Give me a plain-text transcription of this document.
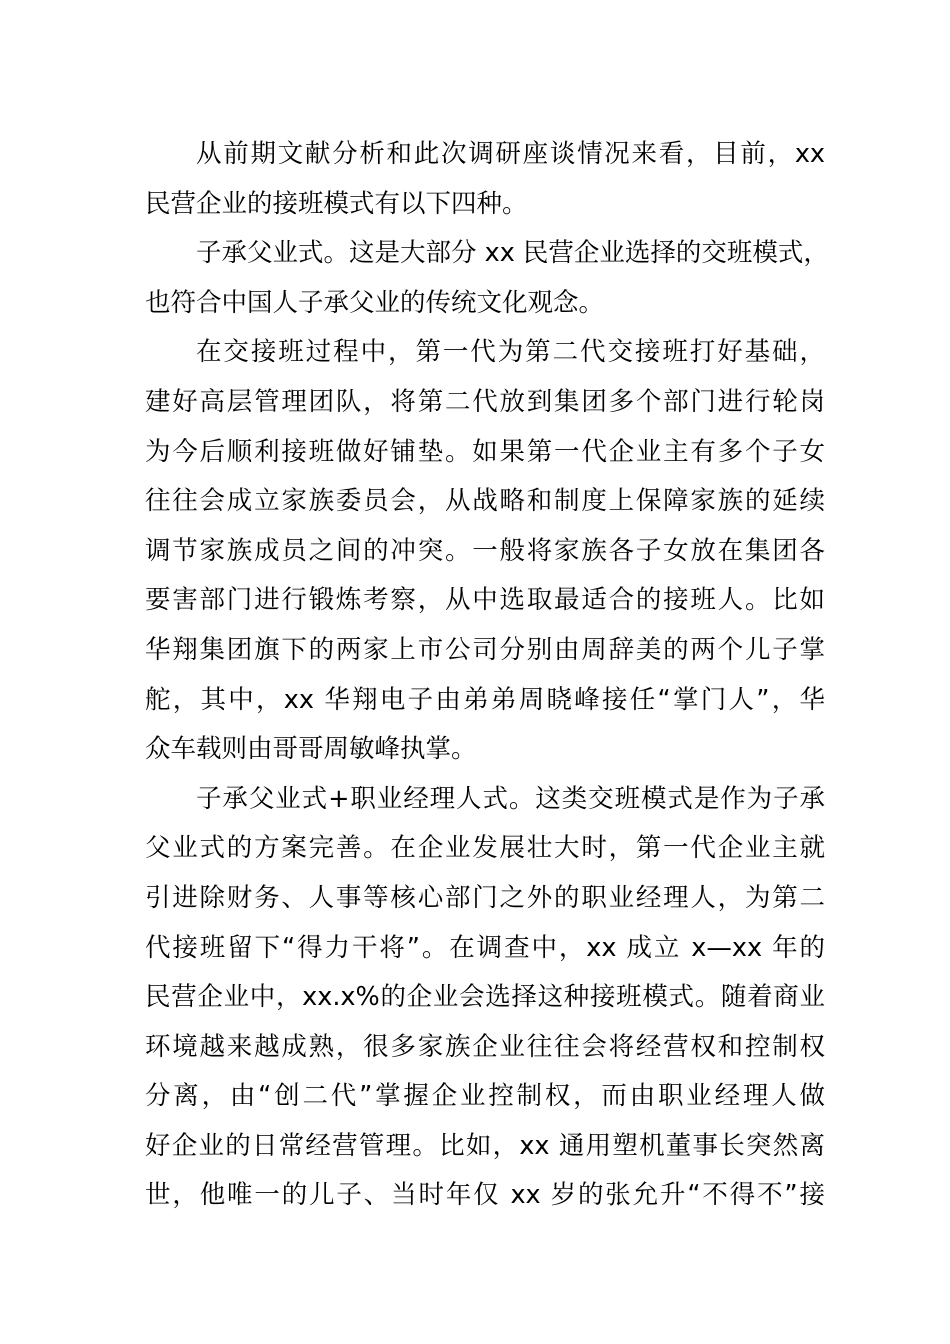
从前期文献分析和此次调研座谈情况来看，目前，xx
民营企业的接班模式有以下四种。
子承父业式。这是大部分 xx 民营企业选择的交班模式，
也符合中国人子承父业的传统文化观念。
在交接班过程中，第一代为第二代交接班打好基础，
建好高层管理团队，将第二代放到集团多个部门进行轮岗
为今后顺利接班做好铺垫。如果第一代企业主有多个子女
往往会成立家族委员会，从战略和制度上保障家族的延续
调节家族成员之间的冲突。一般将家族各子女放在集团各
要害部门进行锻炼考察，从中选取最适合的接班人。比如
华翔集团旗下的两家上市公司分别由周辞美的两个儿子掌
舵，其中，xx 华翔电子由弟弟周晓峰接任“掌门人”，华
众车载则由哥哥周敏峰执掌。
子承父业式+职业经理人式。这类交班模式是作为子承
父业式的方案完善。在企业发展壮大时，第一代企业主就
引进除财务、人事等核心部门之外的职业经理人，为第二
代接班留下“得力干将”。在调查中，xx 成立 x—xx 年的
民营企业中，xx.x%的企业会选择这种接班模式。随着商业
环境越来越成熟，很多家族企业往往会将经营权和控制权
分离，由“创二代”掌握企业控制权，而由职业经理人做
好企业的日常经营管理。比如，xx 通用塑机董事长突然离
世，他唯一的儿子、当时年仅 xx 岁的张允升“不得不”接
